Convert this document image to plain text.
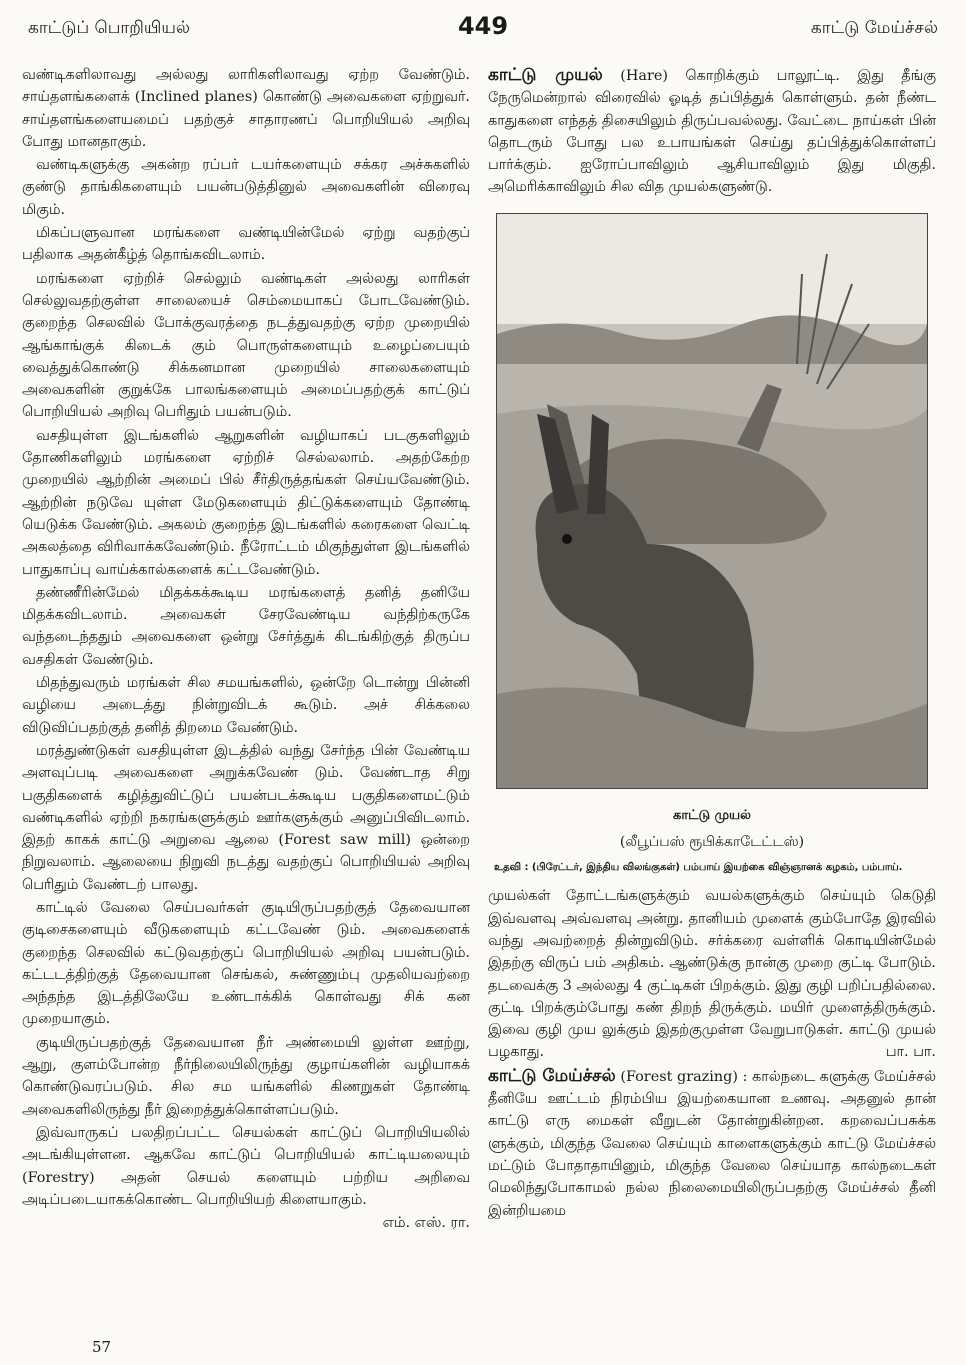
காட்டுப் பொறியியல்	449	காட்டு மேய்ச்சல்

வண்டிகளிலாவது அல்லது லாரிகளிலாவது ஏற்ற வேண்டும். சாய்தளங்களைக் (Inclined planes) கொண்டு அவைகளை ஏற்றுவர். சாய்தளங்களையமைப் பதற்குச் சாதாரணப் பொறியியல் அறிவு போது மானதாகும்.

வண்டிகளுக்கு அகன்ற ரப்பர் டயர்களையும் சக்கர அச்சுகளில் குண்டு தாங்கிகளையும் பயன்படுத்தினுல் அவைகளின் விரைவு மிகும்.

மிகப்பளுவான மரங்களை வண்டியின்மேல் ஏற்று வதற்குப் பதிலாக அதன்கீழ்த் தொங்கவிடலாம்.

மரங்களை ஏற்றிச் செல்லும் வண்டிகள் அல்லது லாரிகள் செல்லுவதற்குள்ள சாலையைச் செம்மையாகப் போடவேண்டும். குறைந்த செலவில் போக்குவரத்தை நடத்துவதற்கு ஏற்ற முறையில் ஆங்காங்குக் கிடைக் கும் பொருள்களையும் உழைப்பையும் வைத்துக்கொண்டு சிக்கனமான முறையில் சாலைகளையும் அவைகளின் குறுக்கே பாலங்களையும் அமைப்பதற்குக் காட்டுப் பொறியியல் அறிவு பெரிதும் பயன்படும்.

வசதியுள்ள இடங்களில் ஆறுகளின் வழியாகப் படகுகளிலும் தோணிகளிலும் மரங்களை ஏற்றிச் செல்லலாம். அதற்கேற்ற முறையில் ஆற்றின் அமைப் பில் சீர்திருத்தங்கள் செய்யவேண்டும். ஆற்றின் நடுவே யுள்ள மேடுகளையும் திட்டுக்களையும் தோண்டி யெடுக்க வேண்டும். அகலம் குறைந்த இடங்களில் கரைகளை வெட்டி அகலத்தை விரிவாக்கவேண்டும். நீரோட்டம் மிகுந்துள்ள இடங்களில் பாதுகாப்பு வாய்க்கால்களைக் கட்டவேண்டும்.

தண்ணீரின்மேல் மிதக்கக்கூடிய மரங்களைத் தனித் தனியே மிதக்கவிடலாம். அவைகள் சேரவேண்டிய வந்திற்கருகே வந்தடைந்ததும் அவைகளை ஒன்று சேர்த்துக் கிடங்கிற்குத் திருப்ப வசதிகள் வேண்டும்.

மிதந்துவரும் மரங்கள் சில சமயங்களில், ஒன்றே டொன்று பின்னி வழியை அடைத்து நின்றுவிடக் கூடும். அச் சிக்கலை விடுவிப்பதற்குத் தனித் திறமை வேண்டும்.

மரத்துண்டுகள் வசதியுள்ள இடத்தில் வந்து சேர்ந்த பின் வேண்டிய அளவுப்படி அவைகளை அறுக்கவேண் டும். வேண்டாத சிறு பகுதிகளைக் கழித்துவிட்டுப் பயன்படக்கூடிய பகுதிகளைமட்டும் வண்டிகளில் ஏற்றி நகரங்களுக்கும் ஊர்களுக்கும் அனுப்பிவிடலாம். இதற் காகக் காட்டு அறுவை ஆலை (Forest saw mill) ஒன்றை நிறுவலாம். ஆலையை நிறுவி நடத்து வதற்குப் பொறியியல் அறிவு பெரிதும் வேண்டற் பாலது.

காட்டில் வேலை செய்பவர்கள் குடியிருப்பதற்குத் தேவையான குடிசைகளையும் வீடுகளையும் கட்டவேண் டும். அவைகளைக் குறைந்த செலவில் கட்டுவதற்குப் பொறியியல் அறிவு பயன்படும். கட்டடத்திற்குத் தேவையான செங்கல், சுண்ணும்பு முதலியவற்றை அந்தந்த இடத்திலேயே உண்டாக்கிக் கொள்வது சிக் கன முறையாகும்.

குடியிருப்பதற்குத் தேவையான நீர் அண்மையி லுள்ள ஊற்று, ஆறு, குளம்போன்ற நீர்நிலையிலிருந்து குழாய்களின் வழியாகக் கொண்டுவரப்படும். சில சம யங்களில் கிணறுகள் தோண்டி அவைகளிலிருந்து நீர் இறைத்துக்கொள்ளப்படும்.

இவ்வாருகப் பலதிறப்பட்ட செயல்கள் காட்டுப் பொறியியலில் அடங்கியுள்ளன. ஆகவே காட்டுப் பொறியியல் காட்டியலையும் (Forestry) அதன் செயல் களையும் பற்றிய அறிவை அடிப்படையாகக்கொண்ட பொறியியற் கிளையாகும்.

எம். எஸ். ரா.

காட்டு முயல் (Hare) கொறிக்கும் பாலூட்டி. இது தீங்கு நேருமென்றால் விரைவில் ஓடித் தப்பித்துக் கொள்ளும். தன் நீண்ட காதுகளை எந்தத் திசையிலும் திருப்பவல்லது. வேட்டை நாய்கள் பின் தொடரும் போது பல உபாயங்கள் செய்து தப்பித்துக்கொள்ளப் பார்க்கும். ஐரோப்பாவிலும் ஆசியாவிலும் இது மிகுதி. அமெரிக்காவிலும் சில வித முயல்களுண்டு.

காட்டு முயல்
(லீபூப்பஸ் ரூபிக்காடேட்டஸ்)
உதவி : (பிரேட்டர், இந்திய விலங்குகள்) பம்பாய் இயற்கை விஞ்ஞானக் கழகம், பம்பாய்.

முயல்கள் தோட்டங்களுக்கும் வயல்களுக்கும் செய்யும் கெடுதி இவ்வளவு அவ்வளவு அன்று. தானியம் முளைக் கும்போதே இரவில் வந்து அவற்றைத் தின்றுவிடும். சர்க்கரை வள்ளிக் கொடியின்மேல் இதற்கு விருப் பம் அதிகம். ஆண்டுக்கு நான்கு முறை குட்டி போடும். தடவைக்கு 3 அல்லது 4 குட்டிகள் பிறக்கும். இது குழி பறிப்பதில்லை. குட்டி பிறக்கும்போது கண் திறந் திருக்கும். மயிர் முளைத்திருக்கும். இவை குழி முய லுக்கும் இதற்குமுள்ள வேறுபாடுகள். காட்டு முயல் பழகாது.	பா. பா.

காட்டு மேய்ச்சல் (Forest grazing) : கால்நடை களுக்கு மேய்ச்சல் தீனியே ஊட்டம் நிரம்பிய இயற்கையான உணவு. அதனுல் தான் காட்டு எரு மைகள் வீறுடன் தோன்றுகின்றன. கறவைப்பசுக்க ளுக்கும், மிகுந்த வேலை செய்யும் காளைகளுக்கும் காட்டு மேய்ச்சல் மட்டும் போதாதாயினும், மிகுந்த வேலை செய்யாத கால்நடைகள் மெலிந்துபோகாமல் நல்ல நிலைமையிலிருப்பதற்கு மேய்ச்சல் தீனி இன்றியமை

57
